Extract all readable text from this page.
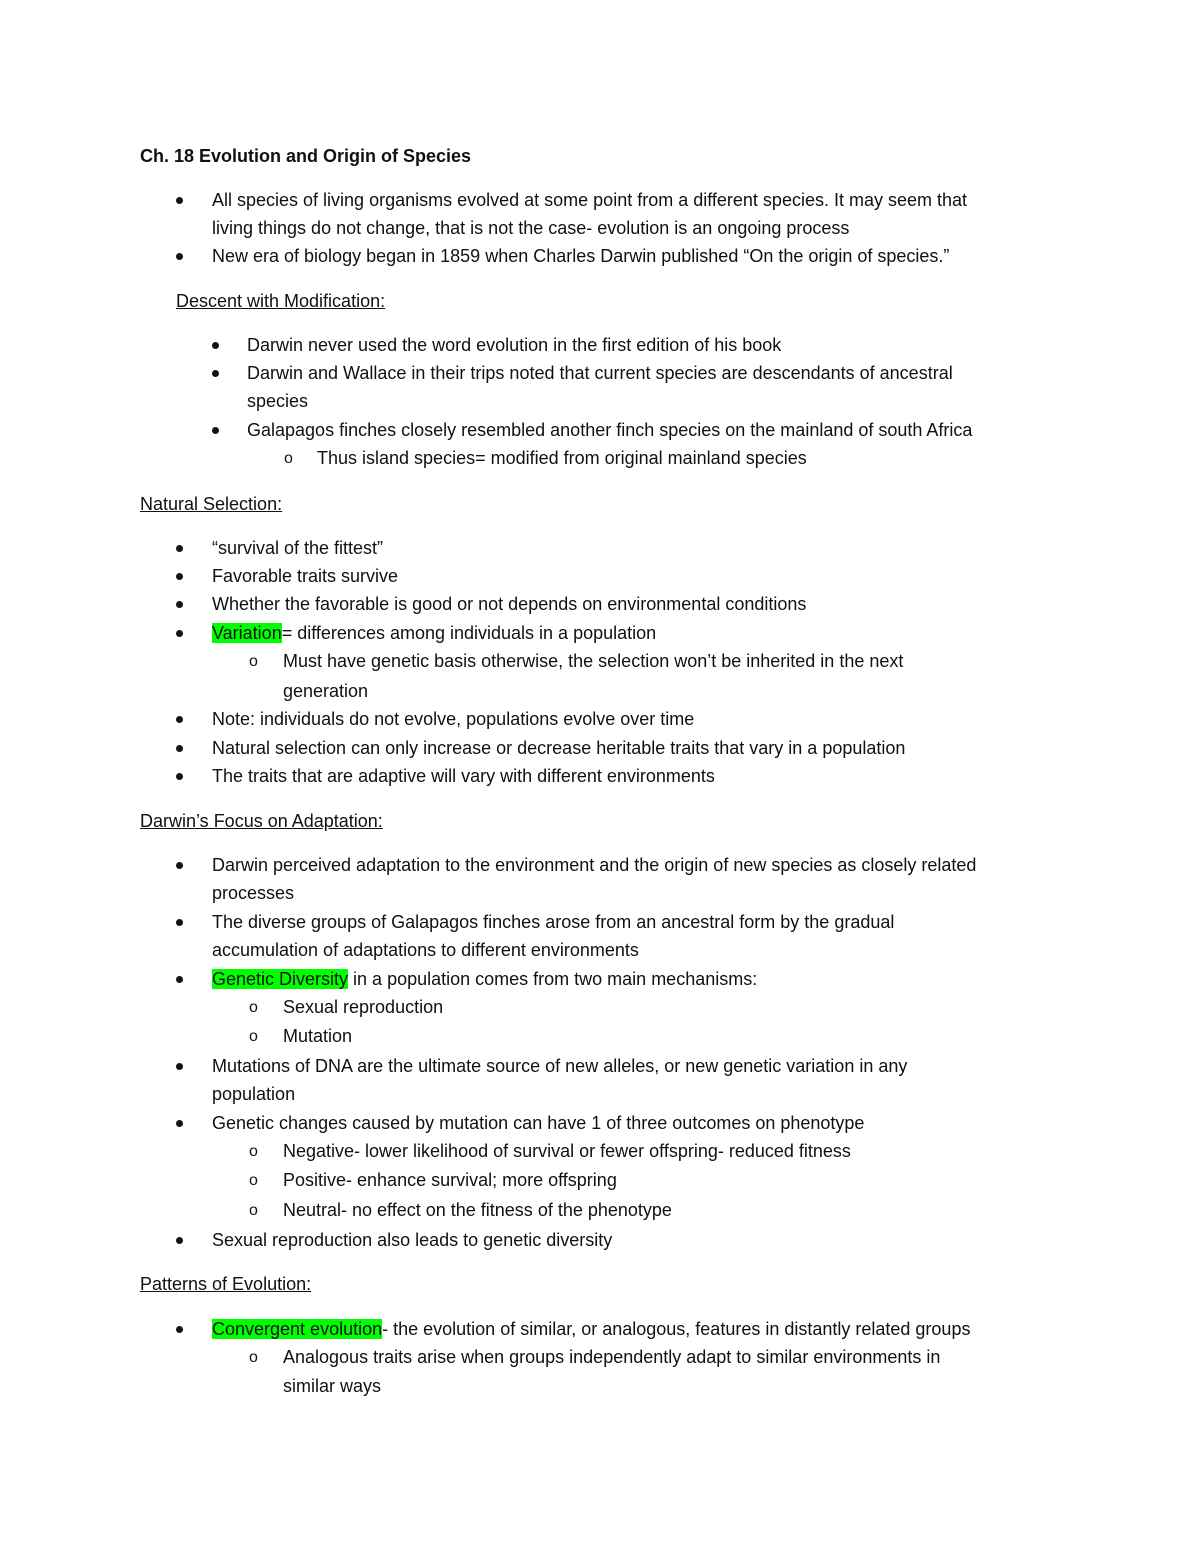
Ch. 18 Evolution and Origin of Species
All species of living organisms evolved at some point from a different species. It may seem that
living things do not change, that is not the case- evolution is an ongoing process
New era of biology began in 1859 when Charles Darwin published “On the origin of species.”
Descent with Modification:
Darwin never used the word evolution in the first edition of his book
Darwin and Wallace in their trips noted that current species are descendants of ancestral
species
Galapagos finches closely resembled another finch species on the mainland of south Africa
o Thus island species= modified from original mainland species
Natural Selection:
“survival of the fittest”
Favorable traits survive
Whether the favorable is good or not depends on environmental conditions
Variation= differences among individuals in a population
o Must have genetic basis otherwise, the selection won’t be inherited in the next
generation
Note: individuals do not evolve, populations evolve over time
Natural selection can only increase or decrease heritable traits that vary in a population
The traits that are adaptive will vary with different environments
Darwin’s Focus on Adaptation:
Darwin perceived adaptation to the environment and the origin of new species as closely related
processes
The diverse groups of Galapagos finches arose from an ancestral form by the gradual
accumulation of adaptations to different environments
Genetic Diversity in a population comes from two main mechanisms:
o Sexual reproduction
o Mutation
Mutations of DNA are the ultimate source of new alleles, or new genetic variation in any
population
Genetic changes caused by mutation can have 1 of three outcomes on phenotype
o Negative- lower likelihood of survival or fewer offspring- reduced fitness
o Positive- enhance survival; more offspring
o Neutral- no effect on the fitness of the phenotype
Sexual reproduction also leads to genetic diversity
Patterns of Evolution:
Convergent evolution- the evolution of similar, or analogous, features in distantly related groups
o Analogous traits arise when groups independently adapt to similar environments in
similar ways
